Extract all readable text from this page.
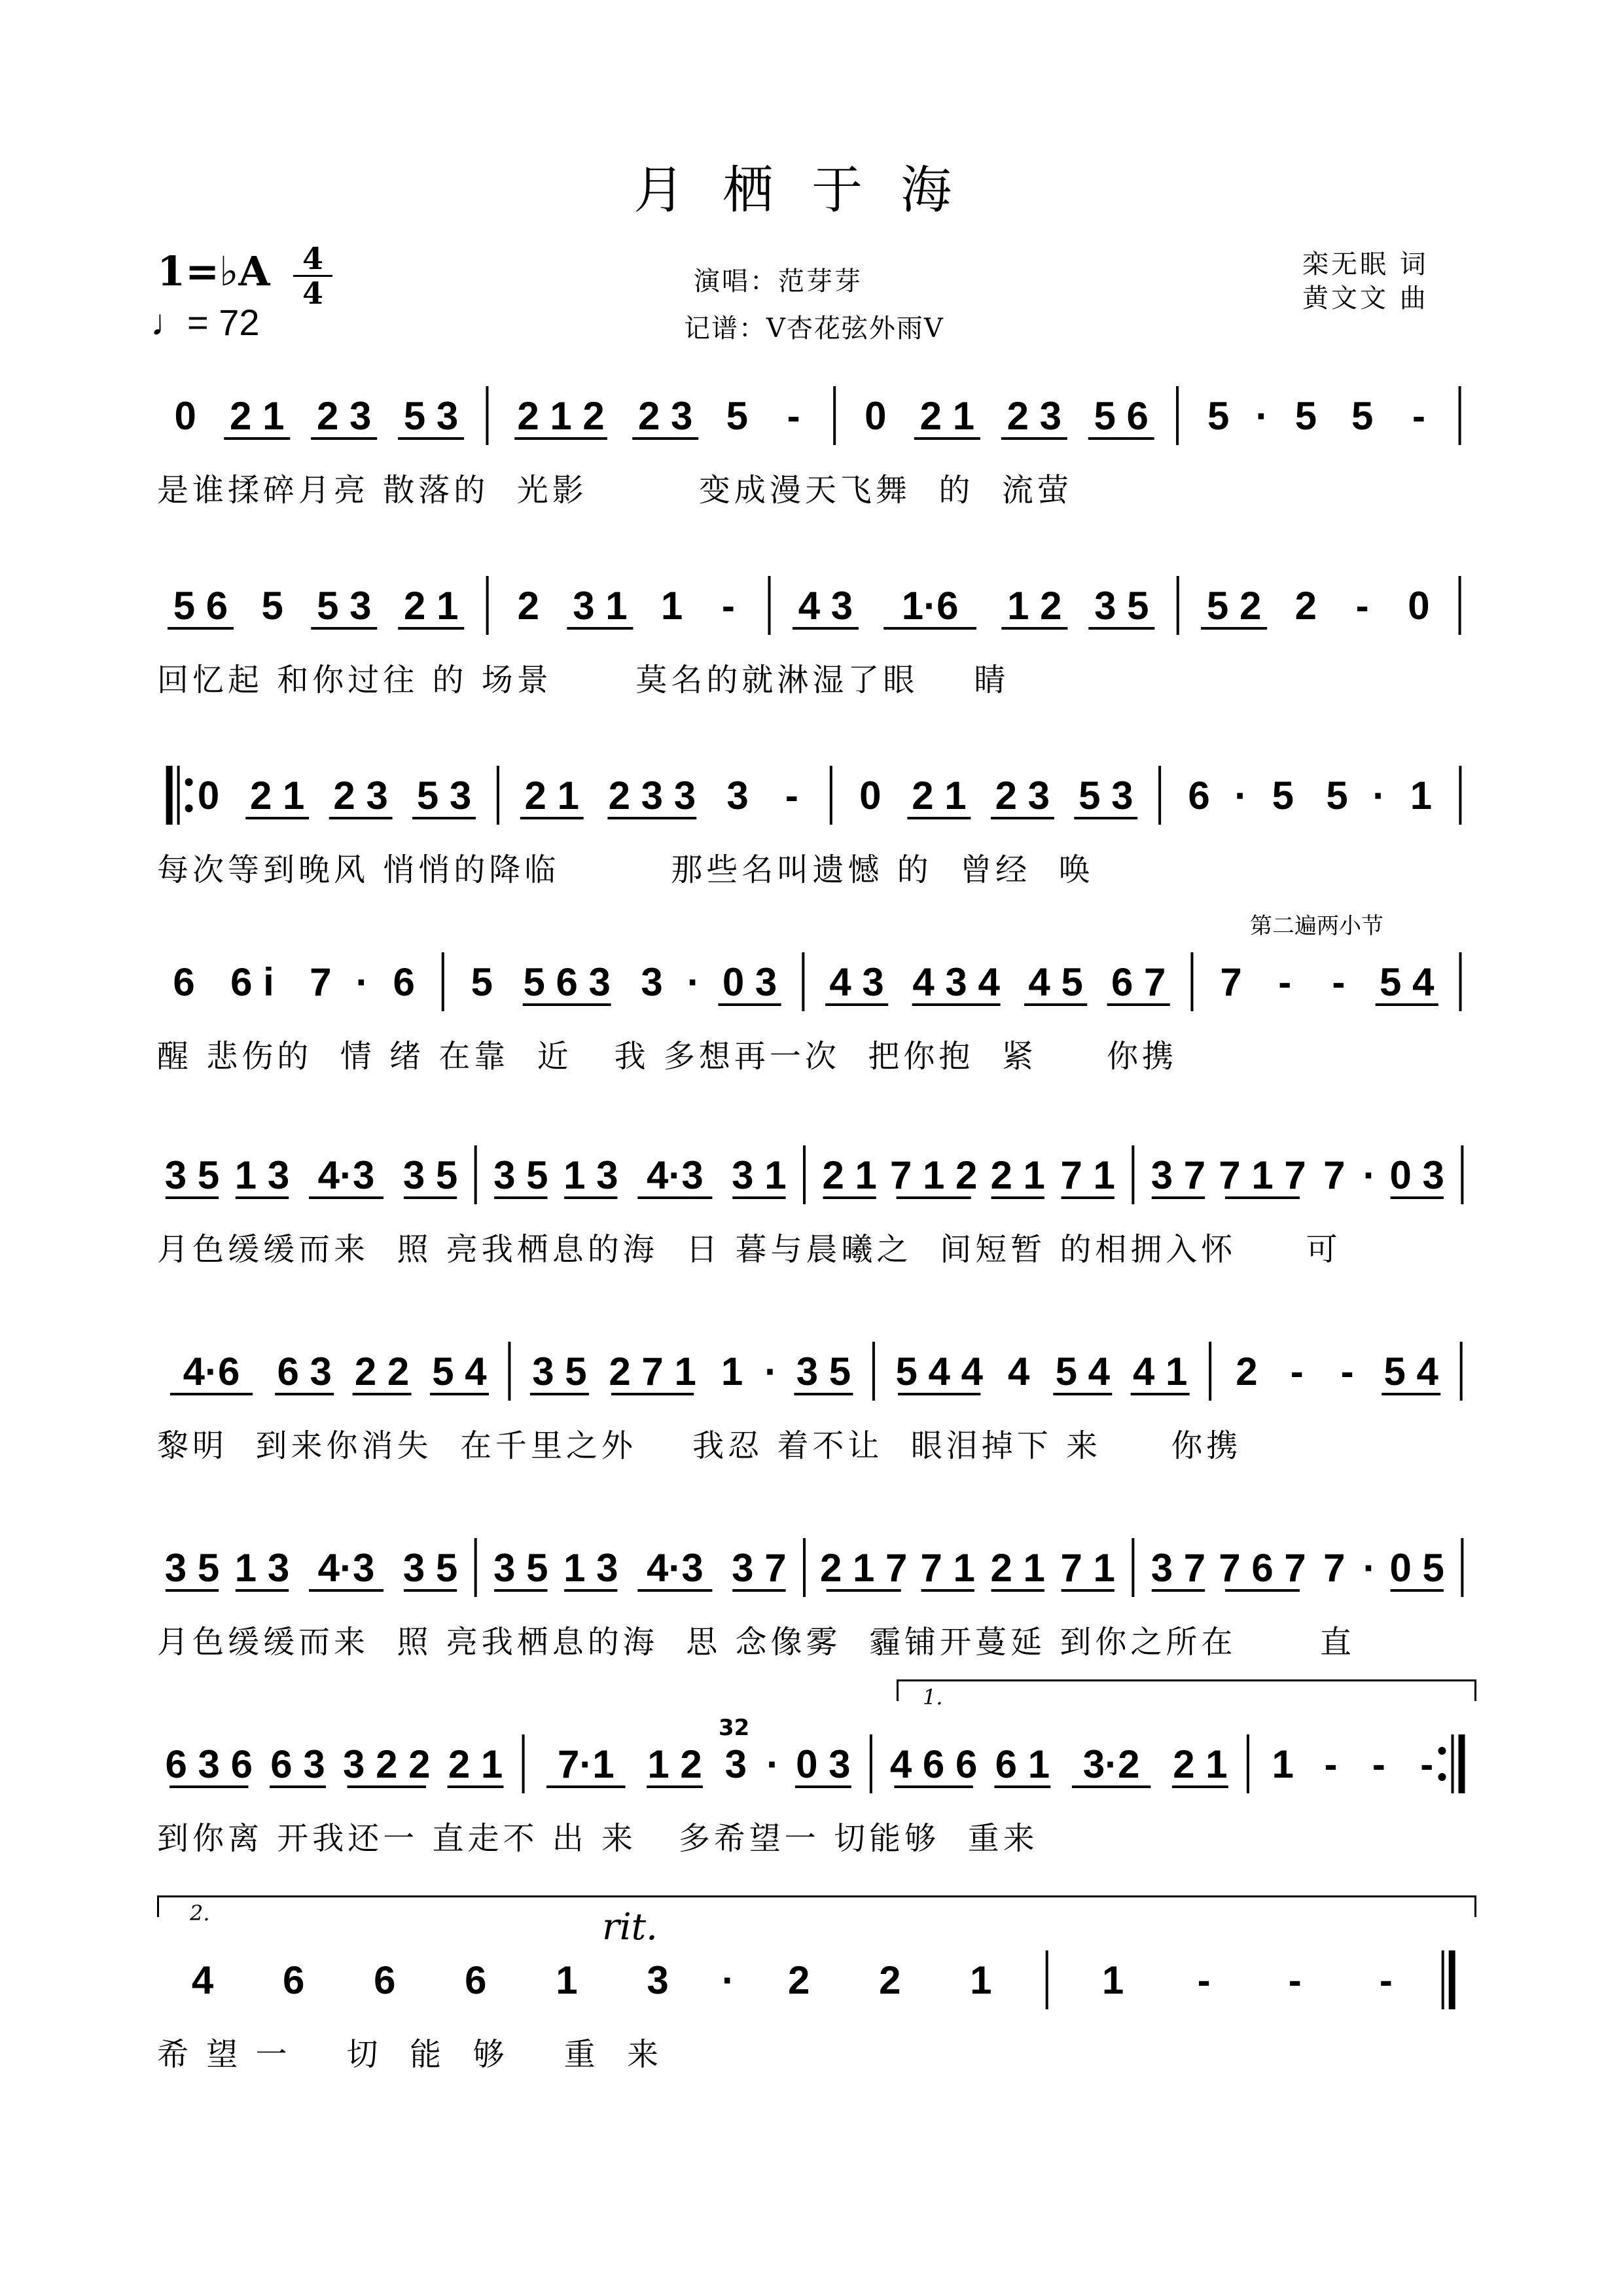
月栖于海
1=♭A	4
4
♩= 72
演唱：范芽芽
记谱：V杏花弦外雨V
栾无眠 词
黄文文 曲
0 2 1 2 3 5 3 2 1 2 2 3 5 - 0 2 1 2 3 5 6 5 · 5 5 -
是谁揉碎月亮 散落的  光影        变成漫天飞舞  的  流萤
5 6 5 5 3 2 1 2 3 1 1 - 4 3 1·6 1 2 3 5 5 2 2 - 0
回忆起 和你过往 的 场景      莫名的就淋湿了眼    睛
0 2 1 2 3 5 3 2 1 2 3 3 3 - 0 2 1 2 3 5 3 6 · 5 5 · 1
每次等到晚风 悄悄的降临        那些名叫遗憾 的  曾经  唤
6 6 i 7 · 6 5 5 6 3 3 · 0 3 4 3 4 3 4 4 5 6 7 7 - - 5 4
醒 悲伤的  情 绪 在靠  近   我 多想再一次  把你抱  紧     你携
第二遍两小节
3 5 1 3 4·3 3 5 3 5 1 3 4·3 3 1 2 1 7 1 2 2 1 7 1 3 7 7 1 7 7 · 0 3
月色缓缓而来  照 亮我栖息的海  日 暮与晨曦之  间短暂 的相拥入怀     可
4·6 6 3 2 2 5 4 3 5 2 7 1 1 · 3 5 5 4 4 4 5 4 4 1 2 - - 5 4
黎明  到来你消失  在千里之外    我忍 着不让  眼泪掉下 来     你携
3 5 1 3 4·3 3 5 3 5 1 3 4·3 3 7 2 1 7 7 1 2 1 7 1 3 7 7 6 7 7 · 0 5
月色缓缓而来  照 亮我栖息的海  思 念像雾  霾铺开蔓延 到你之所在      直
6 3 6 6 3 3 2 2 2 1 7·1 1 2 3 · 0 3 4 6 6 6 1 3·2 2 1 1 - - -
到你离 开我还一 直走不 出 来   多希望一 切能够  重来
1.
32
4 6 6 6 1 3 · 2 2 1	1 - - -
希 望 一    切  能  够    重  来
2.	rit.
